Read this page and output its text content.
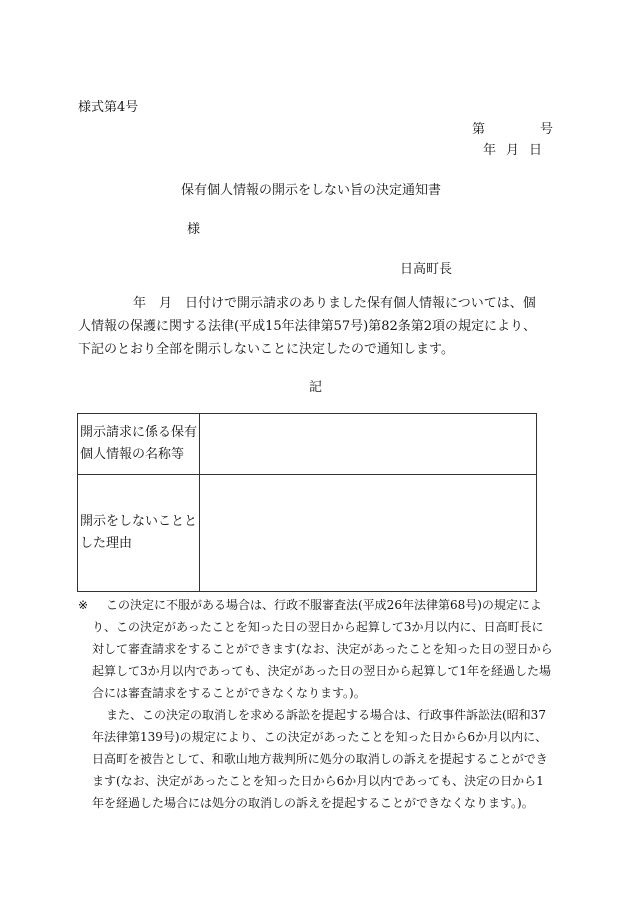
様式第4号
第	号
年 月 日
保有個人情報の開示をしない旨の決定通知書
様
日高町長
年　月　日付けで開示請求のありました保有個人情報については、個人情報の保護に関する法律(平成15年法律第57号)第82条第2項の規定により、下記のとおり全部を開示しないことに決定したので通知します。
記
開示請求に係る保有個人情報の名称等	
開示をしないこととした理由	
※	この決定に不服がある場合は、行政不服審査法(平成26年法律第68号)の規定により、この決定があったことを知った日の翌日から起算して3か月以内に、日高町長に対して審査請求をすることができます(なお、決定があったことを知った日の翌日から起算して3か月以内であっても、決定があった日の翌日から起算して1年を経過した場合には審査請求をすることができなくなります。)。

また、この決定の取消しを求める訴訟を提起する場合は、行政事件訴訟法(昭和37年法律第139号)の規定により、この決定があったことを知った日から6か月以内に、日高町を被告として、和歌山地方裁判所に処分の取消しの訴えを提起することができます(なお、決定があったことを知った日から6か月以内であっても、決定の日から1年を経過した場合には処分の取消しの訴えを提起することができなくなります。)。
